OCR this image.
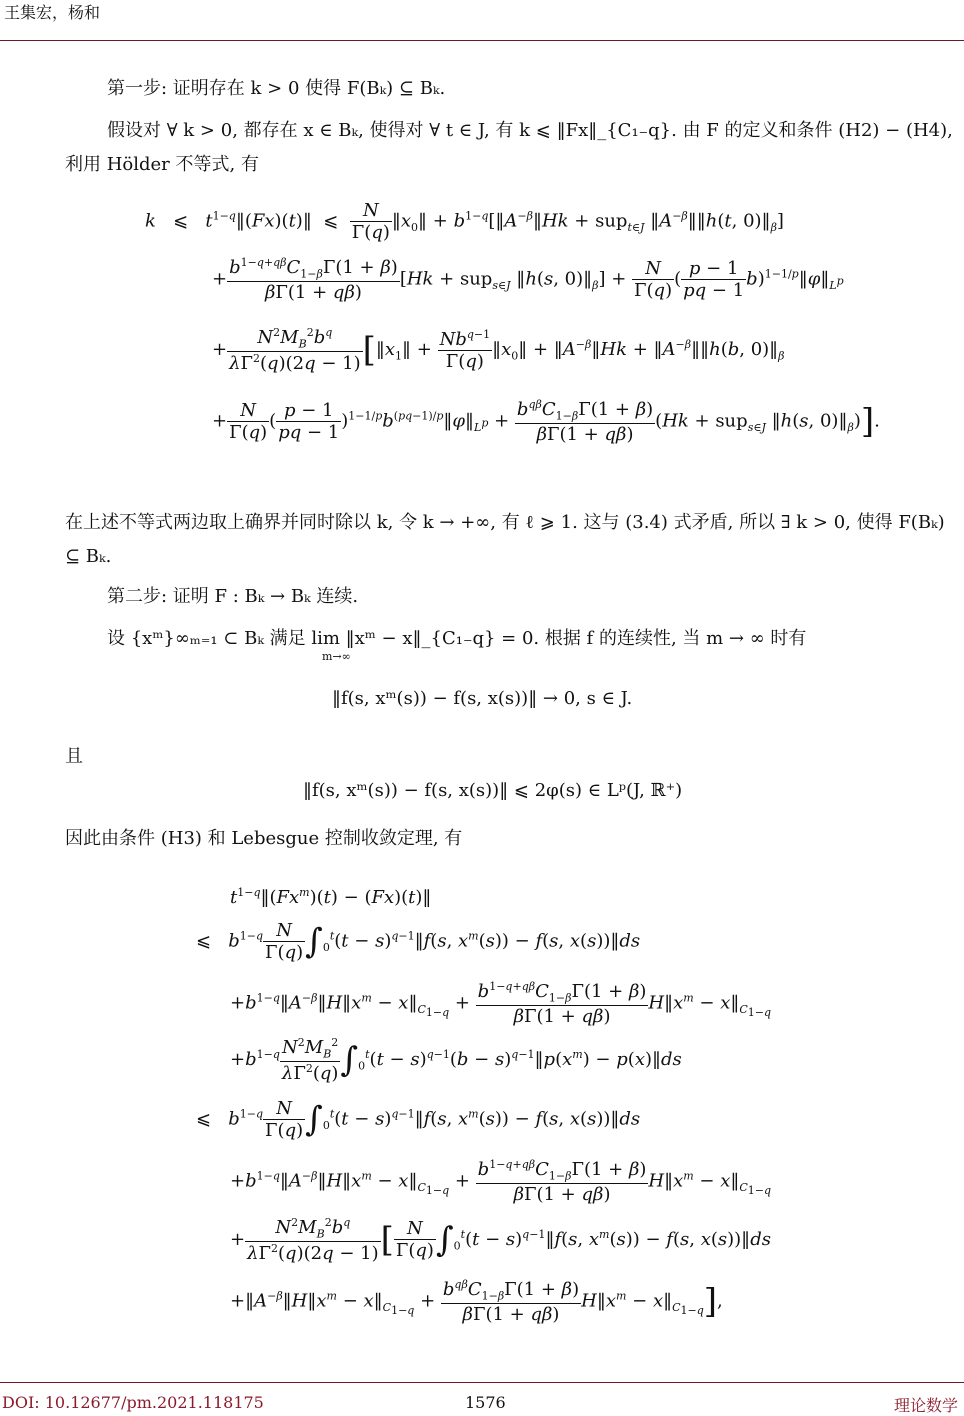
王集宏，杨和
第一步: 证明存在 k > 0 使得 F(Bₖ) ⊆ Bₖ.
假设对 ∀ k > 0, 都存在 x ∈ Bₖ, 使得对 ∀ t ∈ J, 有 k ⩽ ‖Fx‖_{C₁₋q}. 由 F 的定义和条件 (H2) − (H4), 利用 Hölder 不等式, 有
k   ⩽   $t^{1-q}‖(Fx)(t)‖$  ⩽ $\frac{N}{\Gamma(q)}$ $‖x_0‖$ + $b^{1-q}[‖A^{-\beta}‖Hk + sup_{t\in J}$ $‖A^{-\beta}‖‖h(t$, $0)‖_\beta$]
+ $\frac{b^{1-q+q\beta}C_{1-\beta}\Gamma(1 + \beta)}{\beta\Gamma(1 + q\beta)} [Hk + sup_{s\in J}$ ‖h(s, $0)‖_\beta] + \frac{N}{\Gamma(q)}$ ( $\frac{p - 1}{pq - 1}$ $b)^{1-1/p}‖\varphi‖_{L^p}$
+ $\frac{N^2M_B^2b^q}{\lambda\Gamma^2(q)(2q - 1)}$ [$‖x_1‖ + \frac{Nb^{q-1}}{\Gamma(q)}$ $‖x_0‖$ + $‖A^{-\beta}‖Hk$ + $‖A^{-\beta}‖‖h(b$, $0)‖_\beta$
+ $\frac{N}{\Gamma(q)}$ ( $\frac{p - 1}{pq - 1}$ )$^{1-1/p}b^{(pq-1)/p}‖\varphi‖_{L^p} + \frac{b^{q\beta}C_{1-\beta}\Gamma(1 + \beta)}{\beta\Gamma(1 + q\beta)} (Hk + sup_{s\in J}$ ‖h(s, $0)‖_\beta$)].
在上述不等式两边取上确界并同时除以 k, 令 k → +∞, 有 ℓ ⩾ 1. 这与 (3.4) 式矛盾, 所以 ∃ k > 0, 使得 F(Bₖ) ⊆ Bₖ.
第二步: 证明 F : Bₖ → Bₖ 连续.
设 {xᵐ}∞ₘ₌₁ ⊂ Bₖ 满足 lim ‖xᵐ − x‖_{C₁₋q} = 0. 根据 f 的连续性, 当 m → ∞ 时有
m→∞
‖f(s, xᵐ(s)) − f(s, x(s))‖ → 0, s ∈ J.
且
‖f(s, xᵐ(s)) − f(s, x(s))‖ ⩽ 2φ(s) ∈ Lᵖ(J, ℝ⁺)
因此由条件 (H3) 和 Lebesgue 控制收敛定理, 有
$t^{1-q}‖(Fx^m)(t)$ − (Fx)(t)‖
⩽   $b^{1-q} \frac{N}{\Gamma(q)} \int_0^t(t$ − $s)^{q-1}‖f(s$, $x^m(s)) - f(s$, x(s))‖ds
$+b^{1-q}‖A^{-\beta}‖H‖x^m$ − $x‖_{C_{1-q}} + \frac{b^{1-q+q\beta}C_{1-\beta}\Gamma(1 + \beta)}{\beta\Gamma(1 + q\beta)}$ $H‖x^m$ − $x‖_{C_{1-q}}$
$+b^{1-q} \frac{N^2M_B^2}{\lambda\Gamma^2(q)} \int_0^t(t - s)^{q-1}(b$ − $s)^{q-1}‖p(x^m)$ − p(x)‖ds
⩽   $b^{1-q} \frac{N}{\Gamma(q)} \int_0^t(t$ − $s)^{q-1}‖f(s$, $x^m(s)) - f(s$, x(s))‖ds
$+b^{1-q}‖A^{-\beta}‖H‖x^m$ − $x‖_{C_{1-q}} + \frac{b^{1-q+q\beta}C_{1-\beta}\Gamma(1 + \beta)}{\beta\Gamma(1 + q\beta)}$ $H‖x^m$ − $x‖_{C_{1-q}}$
+ $\frac{N^2M_B^2b^q}{\lambda\Gamma^2(q)(2q - 1)}$ [ $\frac{N}{\Gamma(q)} \int_0^t(t$ − $s)^{q-1}‖f(s$, $x^m(s)) - f(s$, x(s))‖ds
$+‖A^{-\beta}‖H‖x^m$ − $x‖_{C_{1-q}} + \frac{b^{q\beta}C_{1-\beta}\Gamma(1 + \beta)}{\beta\Gamma(1 + q\beta)}$ $H‖x^m$ − $x‖_{C_{1-q}}$],
DOI: 10.12677/pm.2021.118175	1576	理论数学
